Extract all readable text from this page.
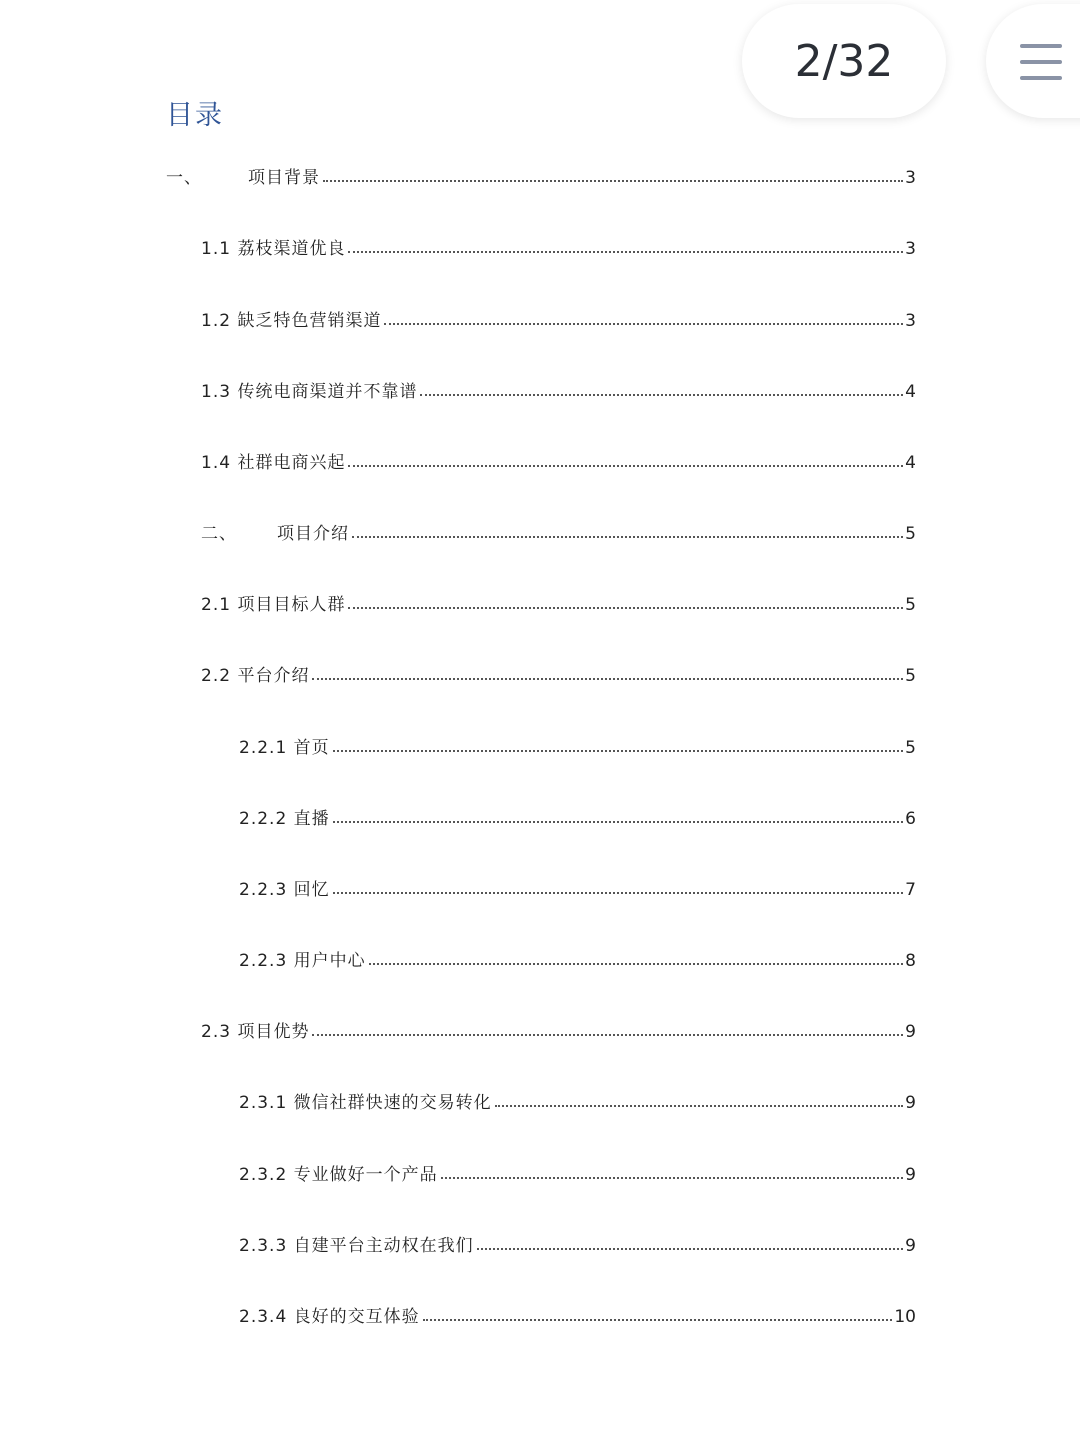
2/32
目录
一、	项目背景	3
1.1 荔枝渠道优良	3
1.2 缺乏特色营销渠道	3
1.3 传统电商渠道并不靠谱	4
1.4 社群电商兴起	4
二、 项目介绍	5
2.1 项目目标人群	5
2.2 平台介绍	5
2.2.1 首页	5
2.2.2 直播	6
2.2.3 回忆	7
2.2.3 用户中心	8
2.3 项目优势	9
2.3.1 微信社群快速的交易转化	9
2.3.2 专业做好一个产品	9
2.3.3 自建平台主动权在我们	9
2.3.4 良好的交互体验	10
